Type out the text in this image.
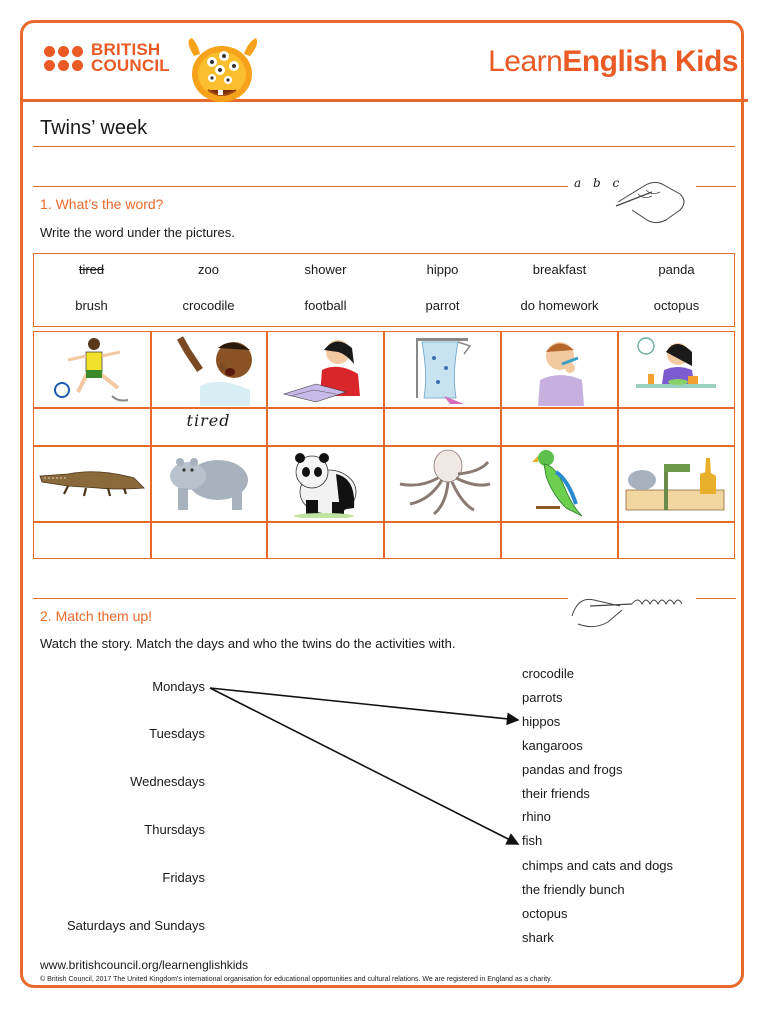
BRITISH
COUNCIL	LearnEnglish Kids
Twins’ week
a b c
1. What’s the word?
Write the word under the pictures.
tired	zoo	shower	hippo	breakfast	panda
brush	crocodile	football	parrot	do homework	octopus
tired
2. Match them up!
Watch the story. Match the days and who the twins do the activities with.
Mondays
Tuesdays
Wednesdays
Thursdays
Fridays
Saturdays and Sundays
crocodile
parrots
hippos
kangaroos
pandas and frogs
their friends
rhino
fish
chimps and cats and dogs
the friendly bunch
octopus
shark
www.britishcouncil.org/learnenglishkids
© British Council, 2017 The United Kingdom’s international organisation for educational opportunities and cultural relations. We are registered in England as a charity.
